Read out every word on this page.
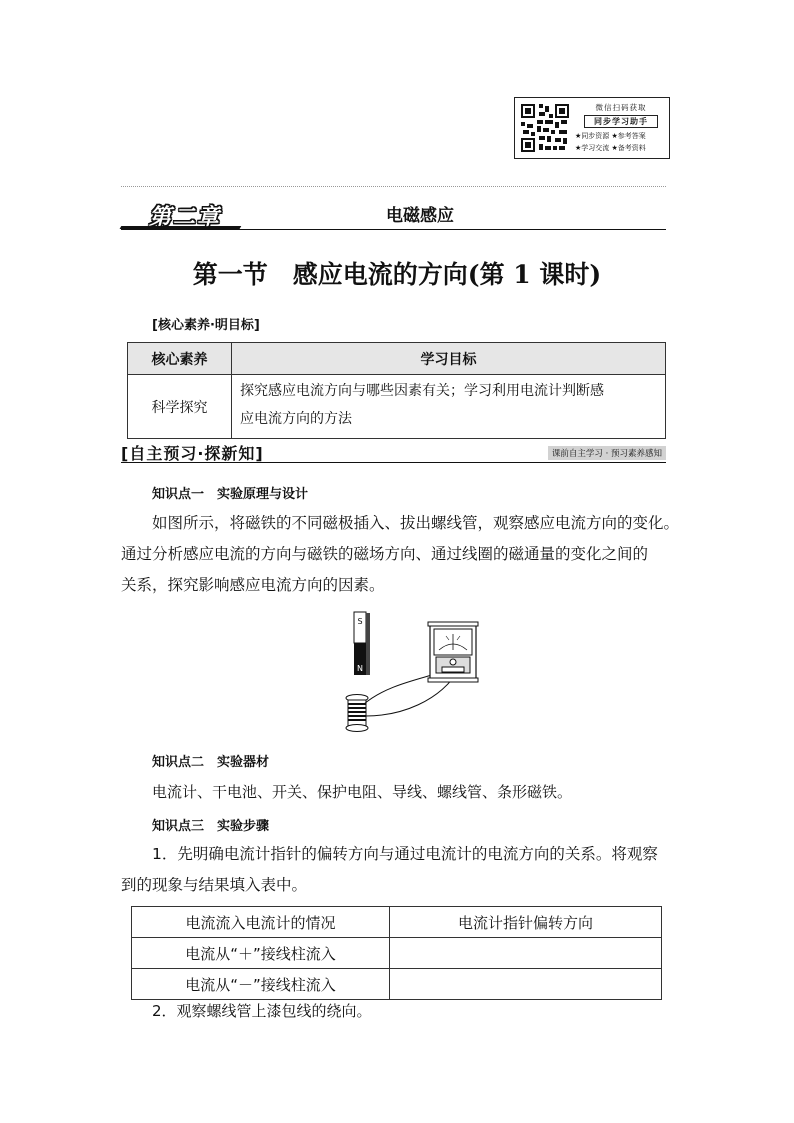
微信扫码获取
同步学习助手
★同步资源 ★参考答案
★学习交流 ★备考资料
第二章	电磁感应
第一节　感应电流的方向(第 1 课时)
[核心素养·明目标]
核心素养	学习目标
科学探究	探究感应电流方向与哪些因素有关；学习利用电流计判断感
应电流方向的方法
[自主预习·探新知]	课前自主学习 · 预习素养感知
知识点一　实验原理与设计
如图所示，将磁铁的不同磁极插入、拔出螺线管，观察感应电流方向的变化。
通过分析感应电流的方向与磁铁的磁场方向、通过线圈的磁通量的变化之间的
关系，探究影响感应电流方向的因素。
S
N
知识点二　实验器材
电流计、干电池、开关、保护电阻、导线、螺线管、条形磁铁。
知识点三　实验步骤
1．先明确电流计指针的偏转方向与通过电流计的电流方向的关系。将观察
到的现象与结果填入表中。
电流流入电流计的情况	电流计指针偏转方向
电流从“＋”接线柱流入	
电流从“－”接线柱流入	
2．观察螺线管上漆包线的绕向。
